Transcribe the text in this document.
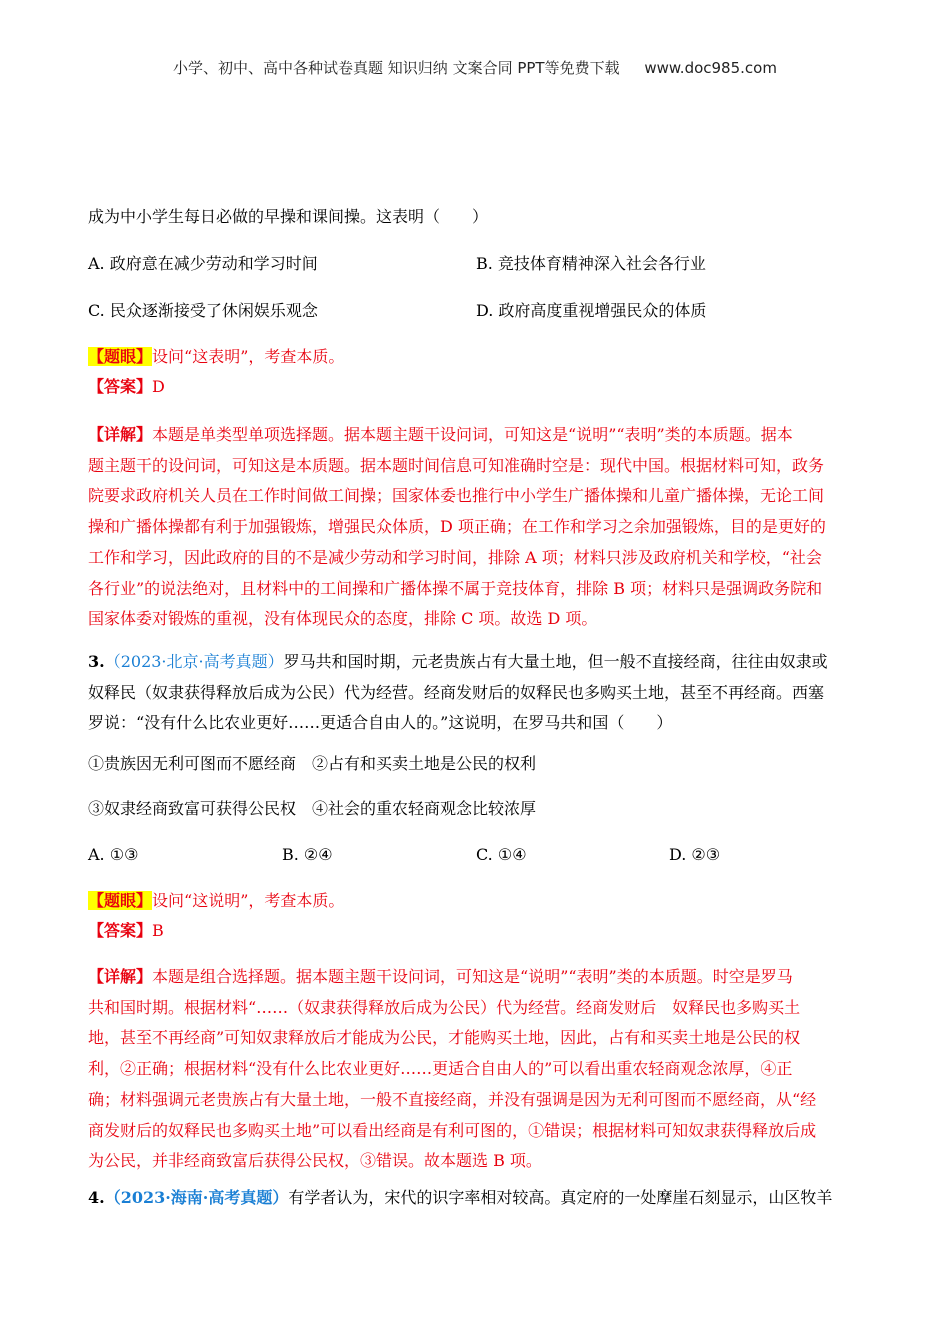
小学、初中、高中各种试卷真题 知识归纳 文案合同 PPT等免费下载 www.doc985.com
成为中小学生每日必做的早操和课间操。这表明（　　）
A. 政府意在减少劳动和学习时间	B. 竞技体育精神深入社会各行业
C. 民众逐渐接受了休闲娱乐观念	D. 政府高度重视增强民众的体质
【题眼】设问“这表明”，考查本质。
【答案】D
【详解】本题是单类型单项选择题。据本题主题干设问词，可知这是“说明”“表明”类的本质题。据本
题主题干的设问词，可知这是本质题。据本题时间信息可知准确时空是：现代中国。根据材料可知，政务
院要求政府机关人员在工作时间做工间操；国家体委也推行中小学生广播体操和儿童广播体操，无论工间
操和广播体操都有利于加强锻炼，增强民众体质，D 项正确；在工作和学习之余加强锻炼，目的是更好的
工作和学习，因此政府的目的不是减少劳动和学习时间，排除 A 项；材料只涉及政府机关和学校，“社会
各行业”的说法绝对，且材料中的工间操和广播体操不属于竞技体育，排除 B 项；材料只是强调政务院和
国家体委对锻炼的重视，没有体现民众的态度，排除 C 项。故选 D 项。
3.（2023·北京·高考真题）罗马共和国时期，元老贵族占有大量土地，但一般不直接经商，往往由奴隶或
奴释民（奴隶获得释放后成为公民）代为经营。经商发财后的奴释民也多购买土地，甚至不再经商。西塞
罗说：“没有什么比农业更好……更适合自由人的。”这说明，在罗马共和国（　　）
①贵族因无利可图而不愿经商　②占有和买卖土地是公民的权利
③奴隶经商致富可获得公民权　④社会的重农轻商观念比较浓厚
A. ①③	B. ②④	C. ①④	D. ②③
【题眼】设问“这说明”，考查本质。
【答案】B
【详解】本题是组合选择题。据本题主题干设问词，可知这是“说明”“表明”类的本质题。时空是罗马
共和国时期。根据材料“……（奴隶获得释放后成为公民）代为经营。经商发财后　奴释民也多购买土
地，甚至不再经商”可知奴隶释放后才能成为公民，才能购买土地，因此，占有和买卖土地是公民的权
利，②正确；根据材料“没有什么比农业更好……更适合自由人的”可以看出重农轻商观念浓厚，④正
确；材料强调元老贵族占有大量土地，一般不直接经商，并没有强调是因为无利可图而不愿经商，从“经
商发财后的奴释民也多购买土地”可以看出经商是有利可图的，①错误；根据材料可知奴隶获得释放后成
为公民，并非经商致富后获得公民权，③错误。故本题选 B 项。
4.（2023·海南·高考真题）有学者认为，宋代的识字率相对较高。真定府的一处摩崖石刻显示，山区牧羊
